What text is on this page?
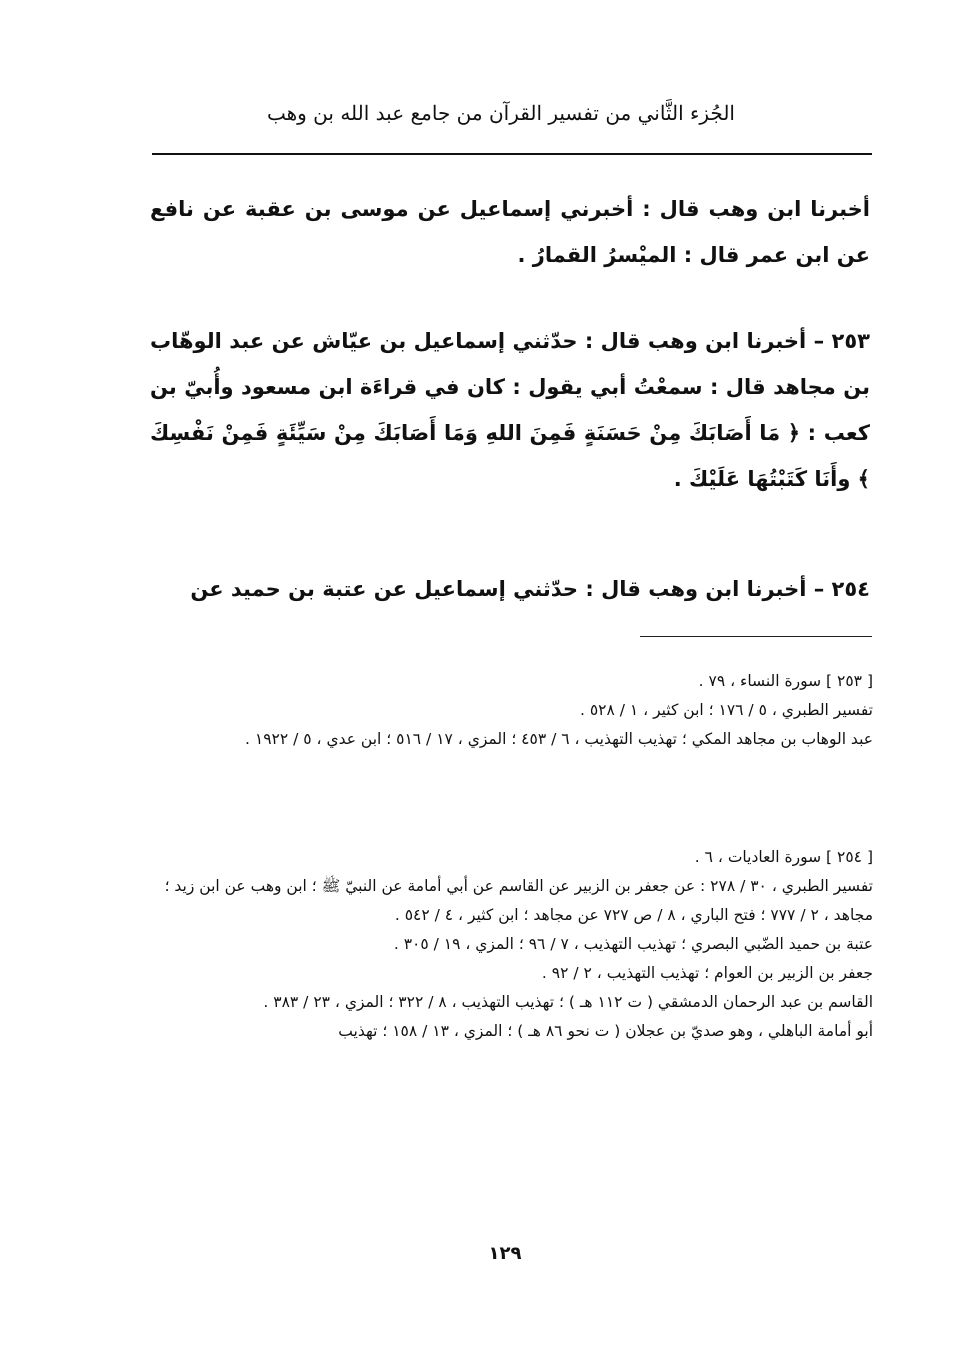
الجُزء الثَّاني من تفسير القرآن من جامع عبد الله بن وهب
أخبرنا ابن وهب قال : أخبرني إسماعيل عن موسى بن عقبة عن نافع عن ابن عمر قال : الميْسرُ القمارُ .
٢٥٣ – أخبرنا ابن وهب قال : حدّثني إسماعيل بن عيّاش عن عبد الوهّاب بن مجاهد قال : سمعْتُ أبي يقول : كان في قراءَة ابن مسعود وأُبيّ بن كعب : ﴿ مَا أَصَابَكَ مِنْ حَسَنَةٍ فَمِنَ اللهِ وَمَا أَصَابَكَ مِنْ سَيِّئَةٍ فَمِنْ نَفْسِكَ ﴾ وأَنَا كَتَبْتُهَا عَلَيْكَ .
٢٥٤ – أخبرنا ابن وهب قال : حدّثني إسماعيل عن عتبة بن حميد عن

[ ٢٥٣ ] سورة النساء ، ٧٩ .

تفسير الطبري ، ٥ / ١٧٦ ؛ ابن كثير ، ١ / ٥٢٨ .

عبد الوهاب بن مجاهد المكي ؛ تهذيب التهذيب ، ٦ / ٤٥٣ ؛ المزي ، ١٧ / ٥١٦ ؛ ابن عدي ، ٥ / ١٩٢٢ .

[ ٢٥٤ ] سورة العاديات ، ٦ .

تفسير الطبري ، ٣٠ / ٢٧٨ : عن جعفر بن الزبير عن القاسم عن أبي أمامة عن النبيّ ﷺ ؛ ابن وهب عن ابن زيد ؛ مجاهد ، ٢ / ٧٧٧ ؛ فتح الباري ، ٨ / ص ٧٢٧ عن مجاهد ؛ ابن كثير ، ٤ / ٥٤٢ .

عتبة بن حميد الضّبي البصري ؛ تهذيب التهذيب ، ٧ / ٩٦ ؛ المزي ، ١٩ / ٣٠٥ .

جعفر بن الزبير بن العوام ؛ تهذيب التهذيب ، ٢ / ٩٢ .

القاسم بن عبد الرحمان الدمشقي ( ت ١١٢ هـ ) ؛ تهذيب التهذيب ، ٨ / ٣٢٢ ؛ المزي ، ٢٣ / ٣٨٣ .

أبو أمامة الباهلي ، وهو صديّ بن عجلان ( ت نحو ٨٦ هـ ) ؛ المزي ، ١٣ / ١٥٨ ؛ تهذيب

١٢٩
